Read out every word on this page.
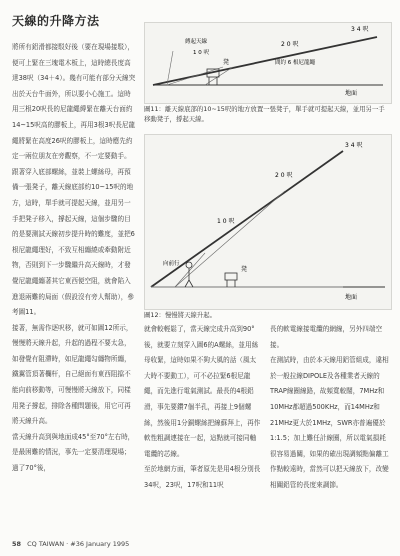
天線的升降方法

將所有鋁滑都接駁好後（要在現場接駁），便可上緊在三塊電木板上，這時總長度高達38呎（34＋4）。幾有可能有部分天線突出於天台牛面外，所以要小心施工。這時用三根20呎長的尼龍繩縛緊在離天台面約14~15呎高的膠板上，再用3根3呎長尼龍繩將緊在高度26呎的膠板上，這時應先約定一兩位朋友在旁觀察，不一定要動手。

跟著穿入底部螺絲，並裝上螺絲母，再預備一張凳子，離天線底部約10~15呎的地方，這時，單手就可提起天線，並用另一手把凳子移入，撐起天線，這個步驟的目的是要測試天線初步提升時的難度，並把6根尼龍繩理好，不致互相纏繞或牽動附近物，否則到下一步驟繼升高天線時，才發覺尼龍繩纏著其它東西便空阻，就會陷入進退兩難的局面（假設沒有旁人幫助），參考圖11。

接著，無需作逐呎移，就可如圖12所示，慢慢將天線升起，升起的過程不要太急，如發覺有阻滯時，如尼龍繩勾纏物所纏，鐵翼管頂著欄杆，自己絕面有東西阻擋不能向前移動等，可慢慢將天線放下，同樣用凳子撐起，排除各種問題後，用它可再將天線升高。

當天線升高到與地面成45°至70°左右時，是最困難的情況，事先一定要清理現場；過了70°後，

3 4 呎
2 0 呎
縛起天線
1 0 呎
凳	間約 6 根尼龍繩
地面
圖11：離天線底部的10~15呎的地方放置一張凳子，單手就可提起天線，並用另一手移動凳子，撐起天線。
3 4 呎
2 0 呎
1 0 呎
向前行
凳
地面
圖12：慢慢將天線升起。

就會較輕鬆了，當天線完成升高到90°後，就要立刻穿入圖6的A螺絲，並用絲母收緊，這時如果不夠大風的話（風太大時不要動工），可不必拉緊6根尼龍繩，而先進行電氣測試。最長的4根鋁滑，事先要鑽7個半孔，再接上9個螺絲，然後用1分銅螺絲把線蘇拜上，再作軟性粗調連接在一起，這點就可接同軸電纜的芯線。

至於地網方面，筆者原先是用4根分別長34呎，23呎，17呎和11呎

長的軟電線接電纜的網線，另外四端空接。

在測試時，由於本天線用鋁管組成，違相於一般拉線DIPOLE及各種業者天線的TRAP線圈線路，故頻寬較闊，7MHz和10MHz都超過500KHz，而14MHz和21MHz更大於1MHz，SWR亦普遍優於1:1.5；加上難任計線圈，所以電氣損耗很容易過關，如果的確出現調頻點偏離工作點較遠時，當然可以把天線放下，改變相關鋁管的長度來調節。

58 CQ TAIWAN · #36 January 1995
